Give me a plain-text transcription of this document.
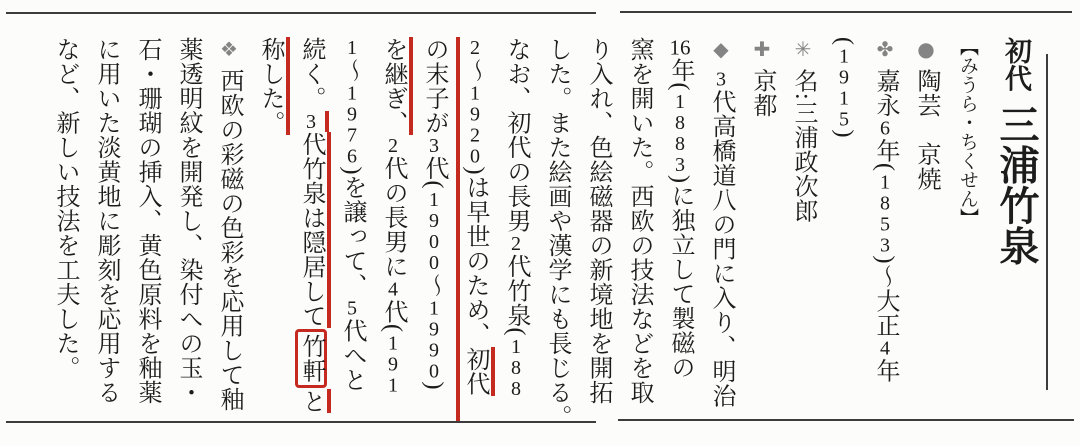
初代三浦竹泉
【みうら・ちくせん】
●陶芸　京焼
✤嘉永6年(1853)〜大正4年
(1915)
✳名:三浦政次郎
✚京都
◆3代高橋道八の門に入り、明治
16年(1883)に独立して製磁の
窯を開いた。西欧の技法などを取
り入れ、色絵磁器の新境地を開拓
した。また絵画や漢学にも長じる。
なお、初代の長男2代竹泉(188
2〜1920)は早世のため、初代
の末子が3代(1900〜1990)
を継ぎ、2代の長男に4代(191
1〜1976)を譲って、5代へと
続く。3代竹泉は隠居して竹軒と
称した。
❖西欧の彩磁の色彩を応用して釉
薬透明紋を開発し、染付への玉・
石・珊瑚の挿入、黄色原料を釉薬
に用いた淡黄地に彫刻を応用する
など、新しい技法を工夫した。
